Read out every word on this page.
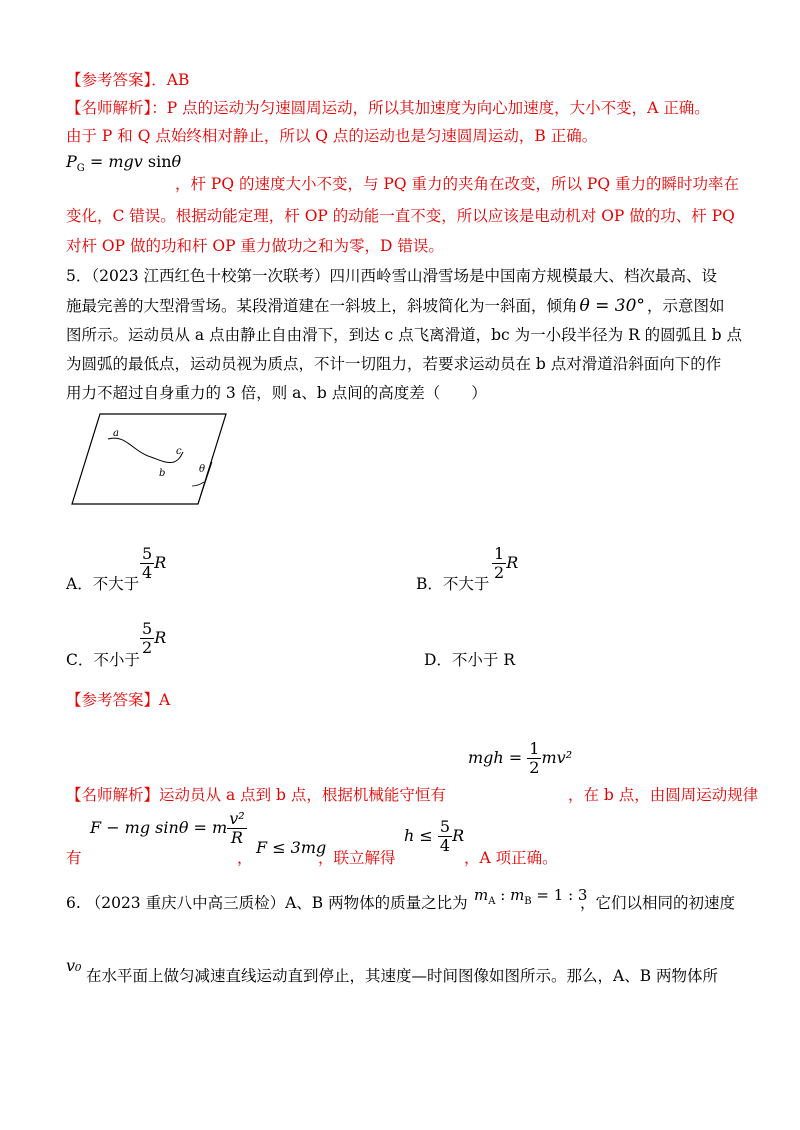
【参考答案】．AB
【名师解析】：P 点的运动为匀速圆周运动，所以其加速度为向心加速度，大小不变，A 正确。
由于 P 和 Q 点始终相对静止，所以 Q 点的运动也是匀速圆周运动，B 正确。
$P_G$ = mgv sinθ
，杆 PQ 的速度大小不变，与 PQ 重力的夹角在改变，所以 PQ 重力的瞬时功率在
变化，C 错误。根据动能定理，杆 OP 的动能一直不变，所以应该是电动机对 OP 做的功、杆 PQ
对杆 OP 做的功和杆 OP 重力做功之和为零，D 错误。
5．（2023 江西红色十校第一次联考）四川西岭雪山滑雪场是中国南方规模最大、档次最高、设
施最完善的大型滑雪场。某段滑道建在一斜坡上，斜坡简化为一斜面，倾角 θ = 30° ，示意图如
图所示。运动员从 a 点由静止自由滑下，到达 c 点飞离滑道，bc 为一小段半径为 R 的圆弧且 b 点
为圆弧的最低点，运动员视为质点，不计一切阻力，若要求运动员在 b 点对滑道沿斜面向下的作
用力不超过自身重力的 3 倍，则 a、b 点间的高度差（　　）
a
b
c
θ
A．不大于
$\frac{5}{4}$ R
B．不大于
$\frac{1}{2}$ R
C．不小于
$\frac{5}{2}$ R
D．不小于 R
【参考答案】A
【名师解析】运动员从 a 点到 b 点，根据机械能守恒有
mgh = $\frac{1}{2} mv^2$
，在 b 点，由圆周运动规律
有
F − mg sinθ = m $\frac{\text{v²}}{R}$
，
F ≤ 3mg
，联立解得
$h \le \frac{5}{4}$ R
，A 项正确。
6. （2023 重庆八中高三质检）A、B 两物体的质量之比为 $m_A$ : $m_B = 1$ : 3
，它们以相同的初速度
v₀
在水平面上做匀减速直线运动直到停止，其速度—时间图像如图所示。那么，A、B 两物体所
